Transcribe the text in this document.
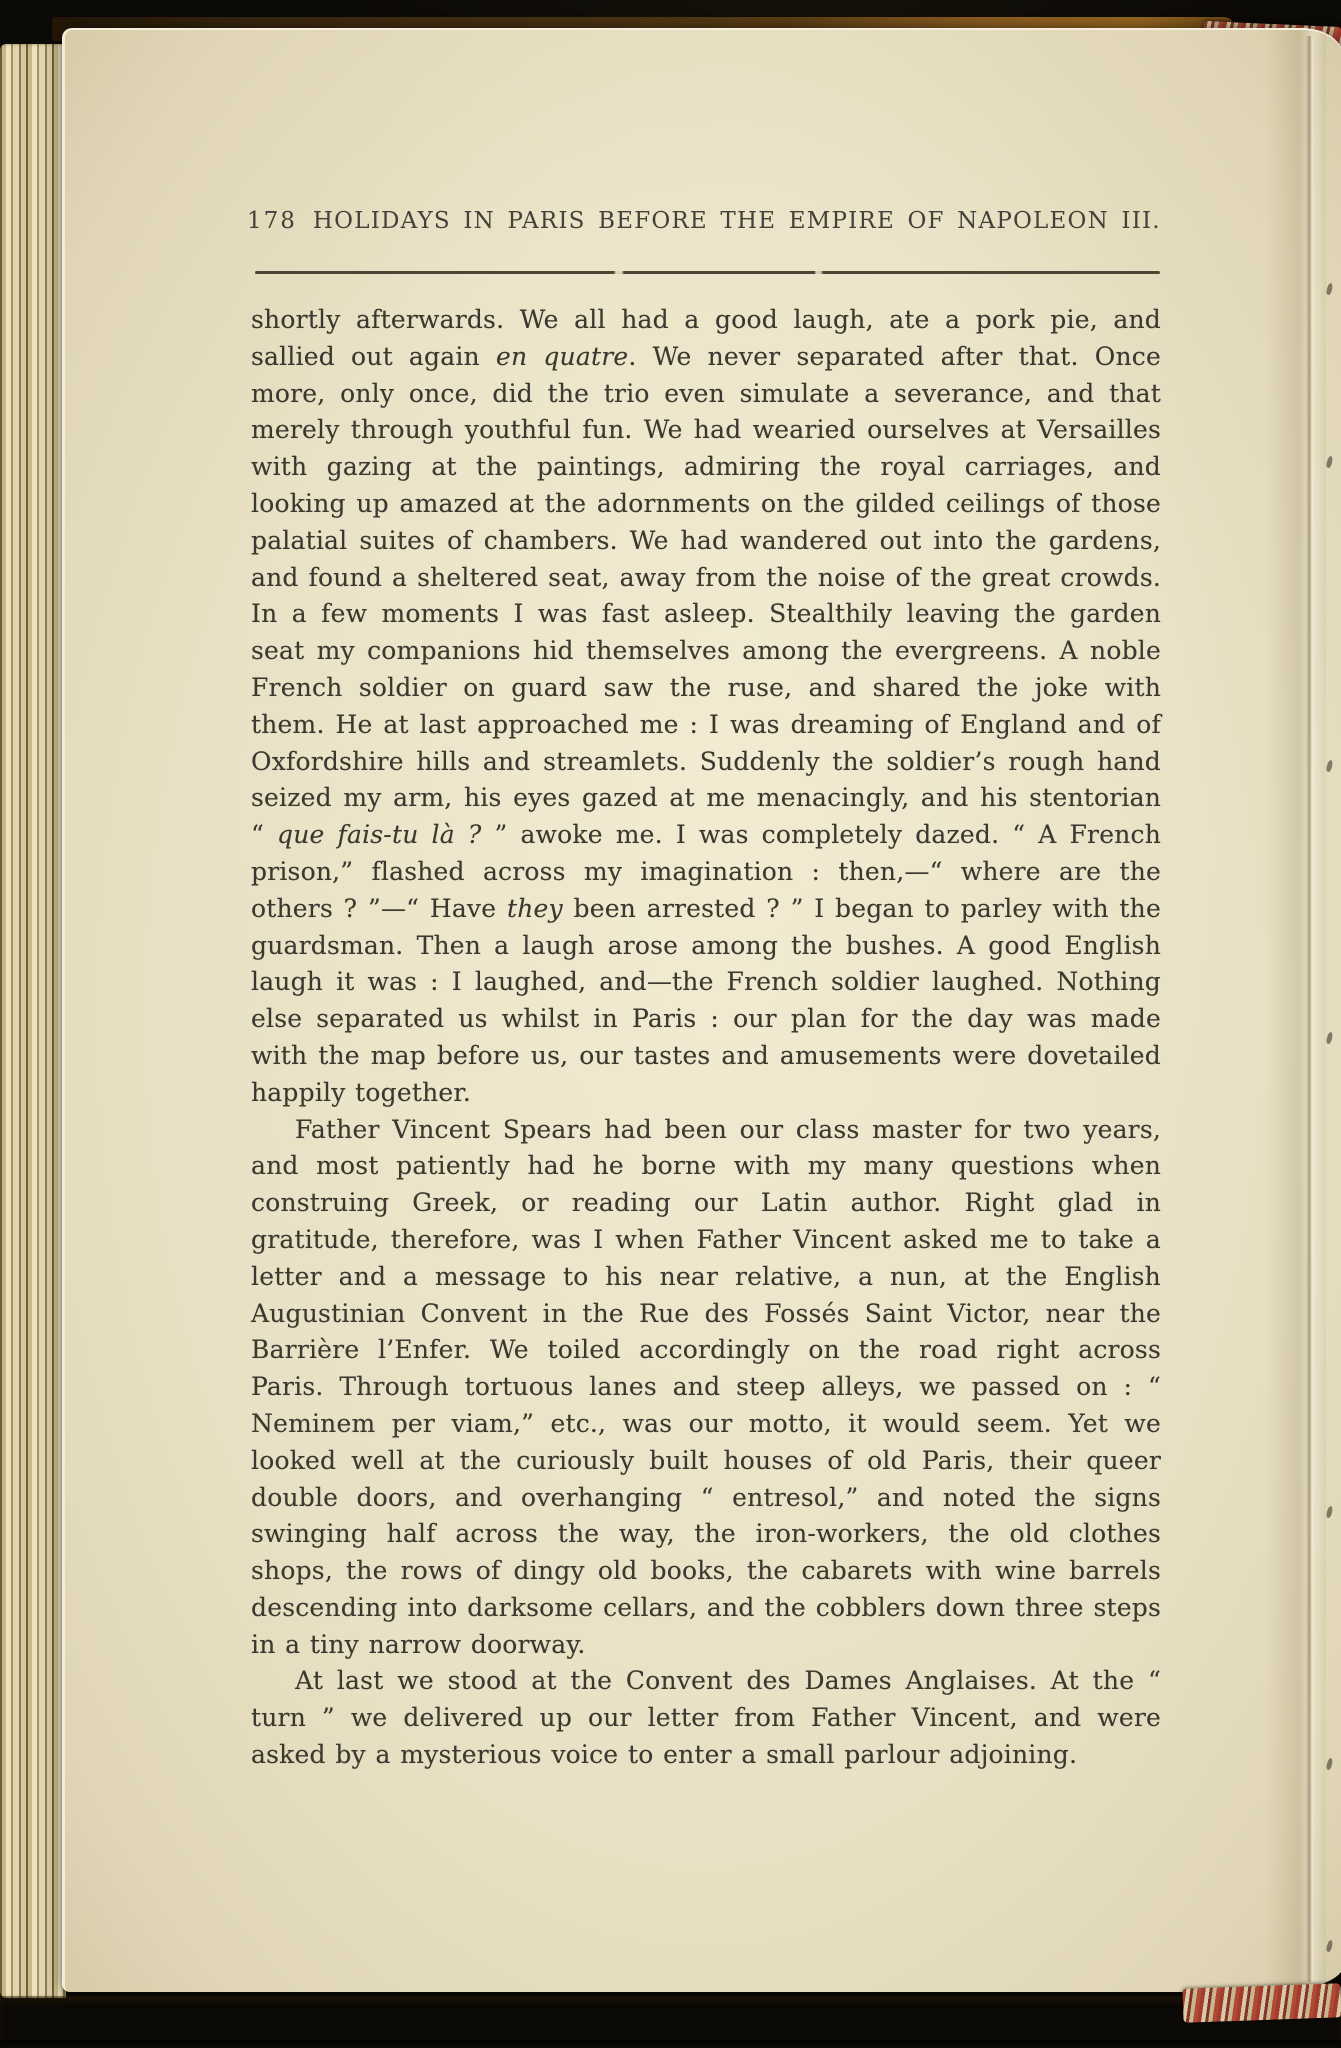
178 HOLIDAYS IN PARIS BEFORE THE EMPIRE OF NAPOLEON III.

shortly afterwards. We all had a good laugh, ate a pork pie, and sallied out again en quatre. We never separated after that. Once more, only once, did the trio even simulate a severance, and that merely through youthful fun. We had wearied ourselves at Versailles with gazing at the paintings, admiring the royal carriages, and looking up amazed at the adornments on the gilded ceilings of those palatial suites of chambers. We had wandered out into the gardens, and found a sheltered seat, away from the noise of the great crowds. In a few moments I was fast asleep. Stealthily leaving the garden seat my companions hid themselves among the evergreens. A noble French soldier on guard saw the ruse, and shared the joke with them. He at last approached me : I was dreaming of England and of Oxfordshire hills and streamlets. Suddenly the soldier’s rough hand seized my arm, his eyes gazed at me menacingly, and his stentorian “ que fais-tu là ? ” awoke me. I was completely dazed. “ A French prison,” flashed across my imagination : then,—“ where are the others ? ”—“ Have they been arrested ? ” I began to parley with the guardsman. Then a laugh arose among the bushes. A good English laugh it was : I laughed, and—the French soldier laughed. Nothing else separated us whilst in Paris : our plan for the day was made with the map before us, our tastes and amusements were dovetailed happily together.

Father Vincent Spears had been our class master for two years, and most patiently had he borne with my many questions when construing Greek, or reading our Latin author. Right glad in gratitude, therefore, was I when Father Vincent asked me to take a letter and a message to his near relative, a nun, at the English Augustinian Convent in the Rue des Fossés Saint Victor, near the Barrière l’Enfer. We toiled accordingly on the road right across Paris. Through tortuous lanes and steep alleys, we passed on : “ Neminem per viam,” etc., was our motto, it would seem. Yet we looked well at the curiously built houses of old Paris, their queer double doors, and overhanging “ entresol,” and noted the signs swinging half across the way, the iron-workers, the old clothes shops, the rows of dingy old books, the cabarets with wine barrels descending into darksome cellars, and the cobblers down three steps in a tiny narrow doorway.

At last we stood at the Convent des Dames Anglaises. At the “ turn ” we delivered up our letter from Father Vincent, and were asked by a mysterious voice to enter a small parlour adjoining.
